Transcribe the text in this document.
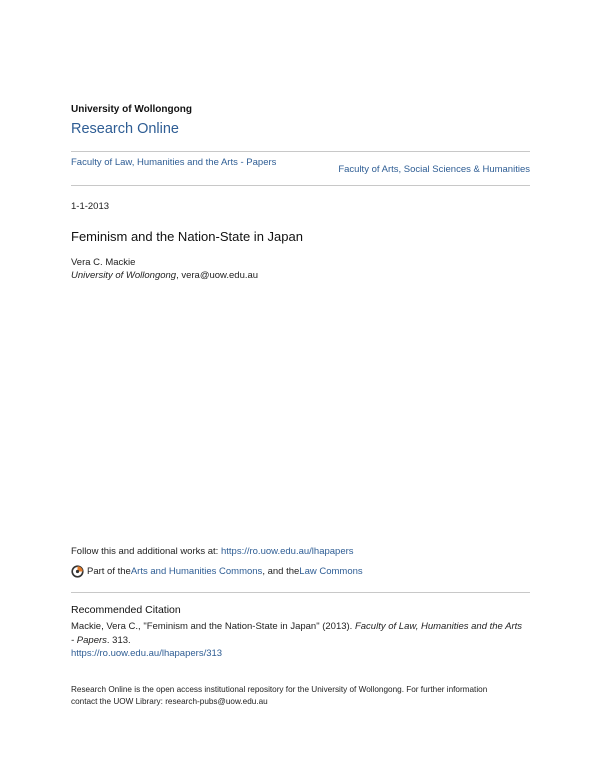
University of Wollongong
Research Online
Faculty of Law, Humanities and the Arts - Papers
Faculty of Arts, Social Sciences & Humanities
1-1-2013
Feminism and the Nation-State in Japan
Vera C. Mackie
University of Wollongong, vera@uow.edu.au
Follow this and additional works at: https://ro.uow.edu.au/lhapapers
Part of the Arts and Humanities Commons , and the Law Commons
Recommended Citation
Mackie, Vera C., "Feminism and the Nation-State in Japan" (2013). Faculty of Law, Humanities and the Arts - Papers. 313.
https://ro.uow.edu.au/lhapapers/313
Research Online is the open access institutional repository for the University of Wollongong. For further information
contact the UOW Library: research-pubs@uow.edu.au
